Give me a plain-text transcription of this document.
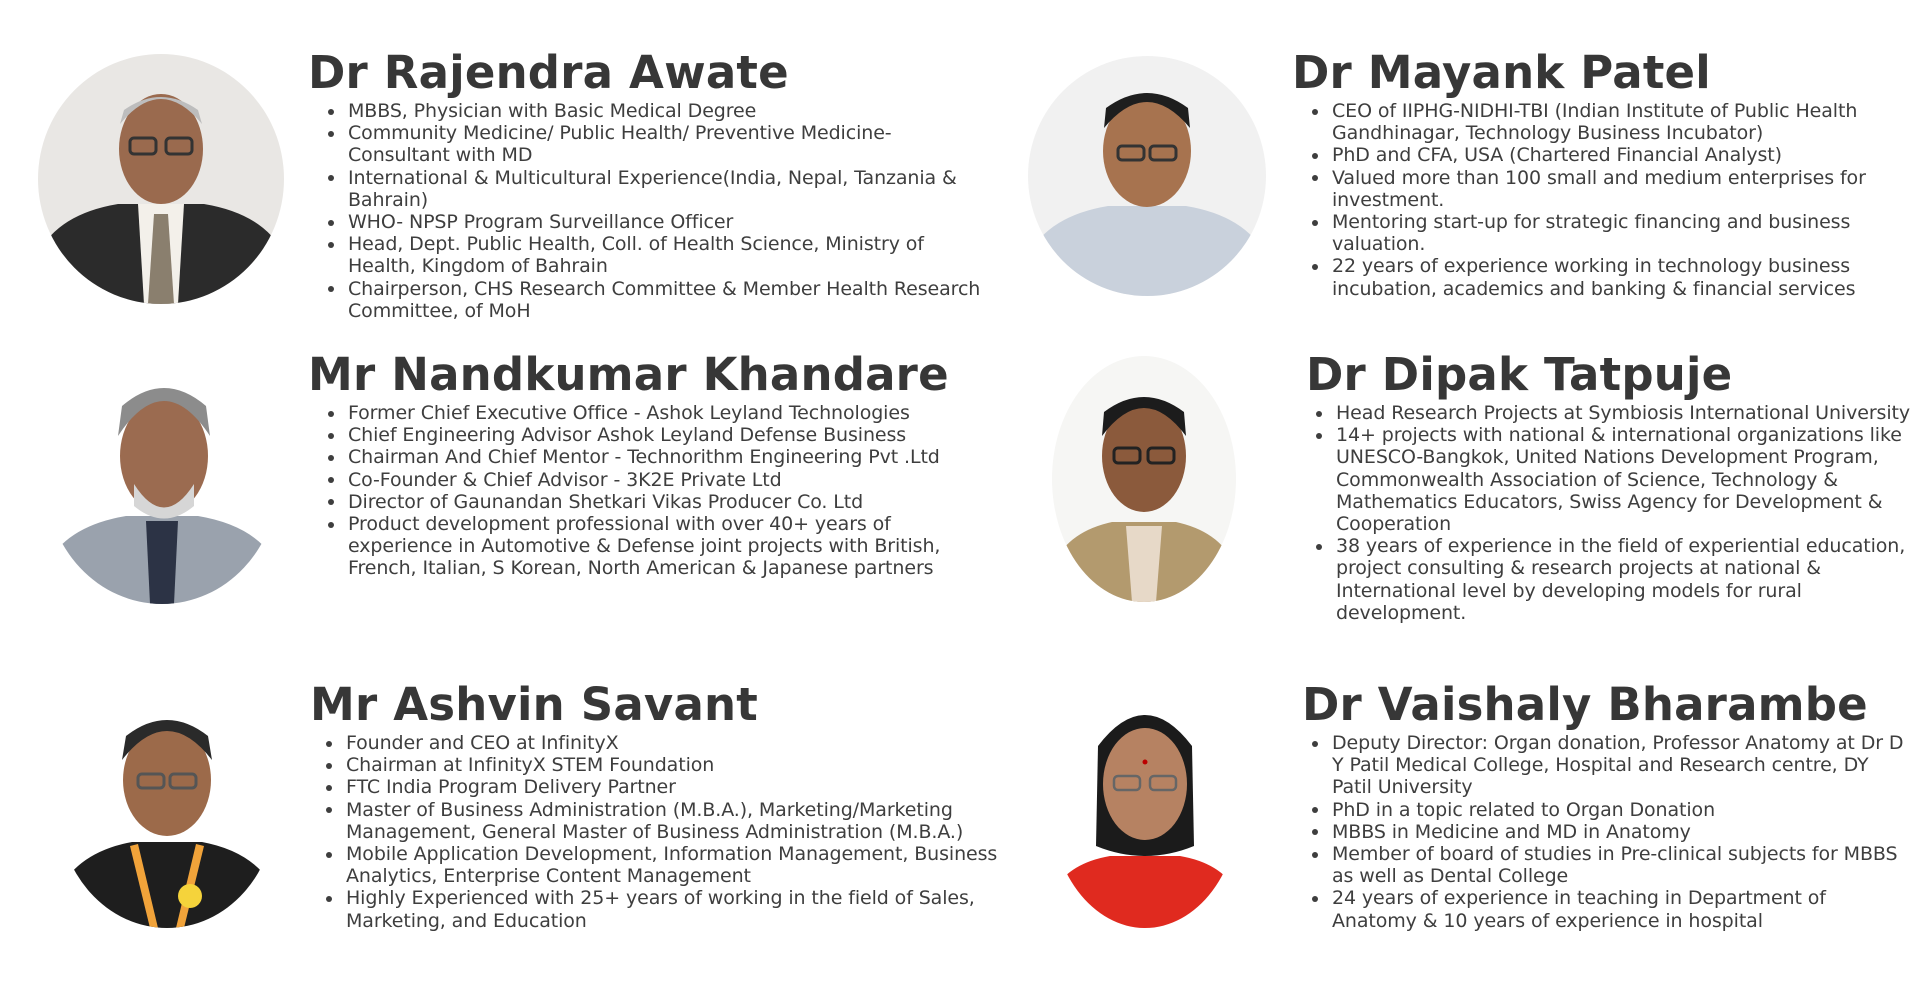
Dr Rajendra Awate
MBBS, Physician with Basic Medical Degree
Community Medicine/ Public Health/ Preventive Medicine- Consultant with MD
International & Multicultural Experience(India, Nepal, Tanzania & Bahrain)
WHO- NPSP Program Surveillance Officer
Head, Dept. Public Health, Coll. of Health Science, Ministry of Health, Kingdom of Bahrain
Chairperson, CHS Research Committee & Member Health Research Committee, of MoH
Dr Mayank Patel
CEO of IIPHG-NIDHI-TBI (Indian Institute of Public Health Gandhinagar, Technology Business Incubator)
PhD and CFA, USA (Chartered Financial Analyst)
Valued more than 100 small and medium enterprises for investment.
Mentoring start-up for strategic financing and business valuation.
22 years of experience working in technology business incubation, academics and banking & financial services
Mr Nandkumar Khandare
Former Chief Executive Office - Ashok Leyland Technologies
Chief Engineering Advisor Ashok Leyland Defense Business
Chairman And Chief Mentor - Technorithm Engineering Pvt .Ltd
Co-Founder & Chief Advisor - 3K2E Private Ltd
Director of Gaunandan Shetkari Vikas Producer Co. Ltd
Product development professional with over 40+ years of experience in Automotive & Defense joint projects with British, French, Italian, S Korean, North American & Japanese partners
Dr Dipak Tatpuje
Head Research Projects at Symbiosis International University
14+ projects with national & international organizations like UNESCO-Bangkok, United Nations Development Program, Commonwealth Association of Science, Technology & Mathematics Educators, Swiss Agency for Development & Cooperation
38 years of experience in the field of experiential education, project consulting & research projects at national & International level by developing models for rural development.
Mr Ashvin Savant
Founder and CEO at InfinityX
Chairman at InfinityX STEM Foundation
FTC India Program Delivery Partner
Master of Business Administration (M.B.A.), Marketing/Marketing Management, General Master of Business Administration (M.B.A.)
Mobile Application Development, Information Management, Business Analytics, Enterprise Content Management
Highly Experienced with 25+ years of working in the field of Sales, Marketing, and Education
Dr Vaishaly Bharambe
Deputy Director: Organ donation, Professor Anatomy at Dr D Y Patil Medical College, Hospital and Research centre, DY Patil University
PhD in a topic related to Organ Donation
MBBS in Medicine and MD in Anatomy
Member of board of studies in Pre-clinical subjects for MBBS as well as Dental College
24 years of experience in teaching in Department of Anatomy & 10 years of experience in hospital
